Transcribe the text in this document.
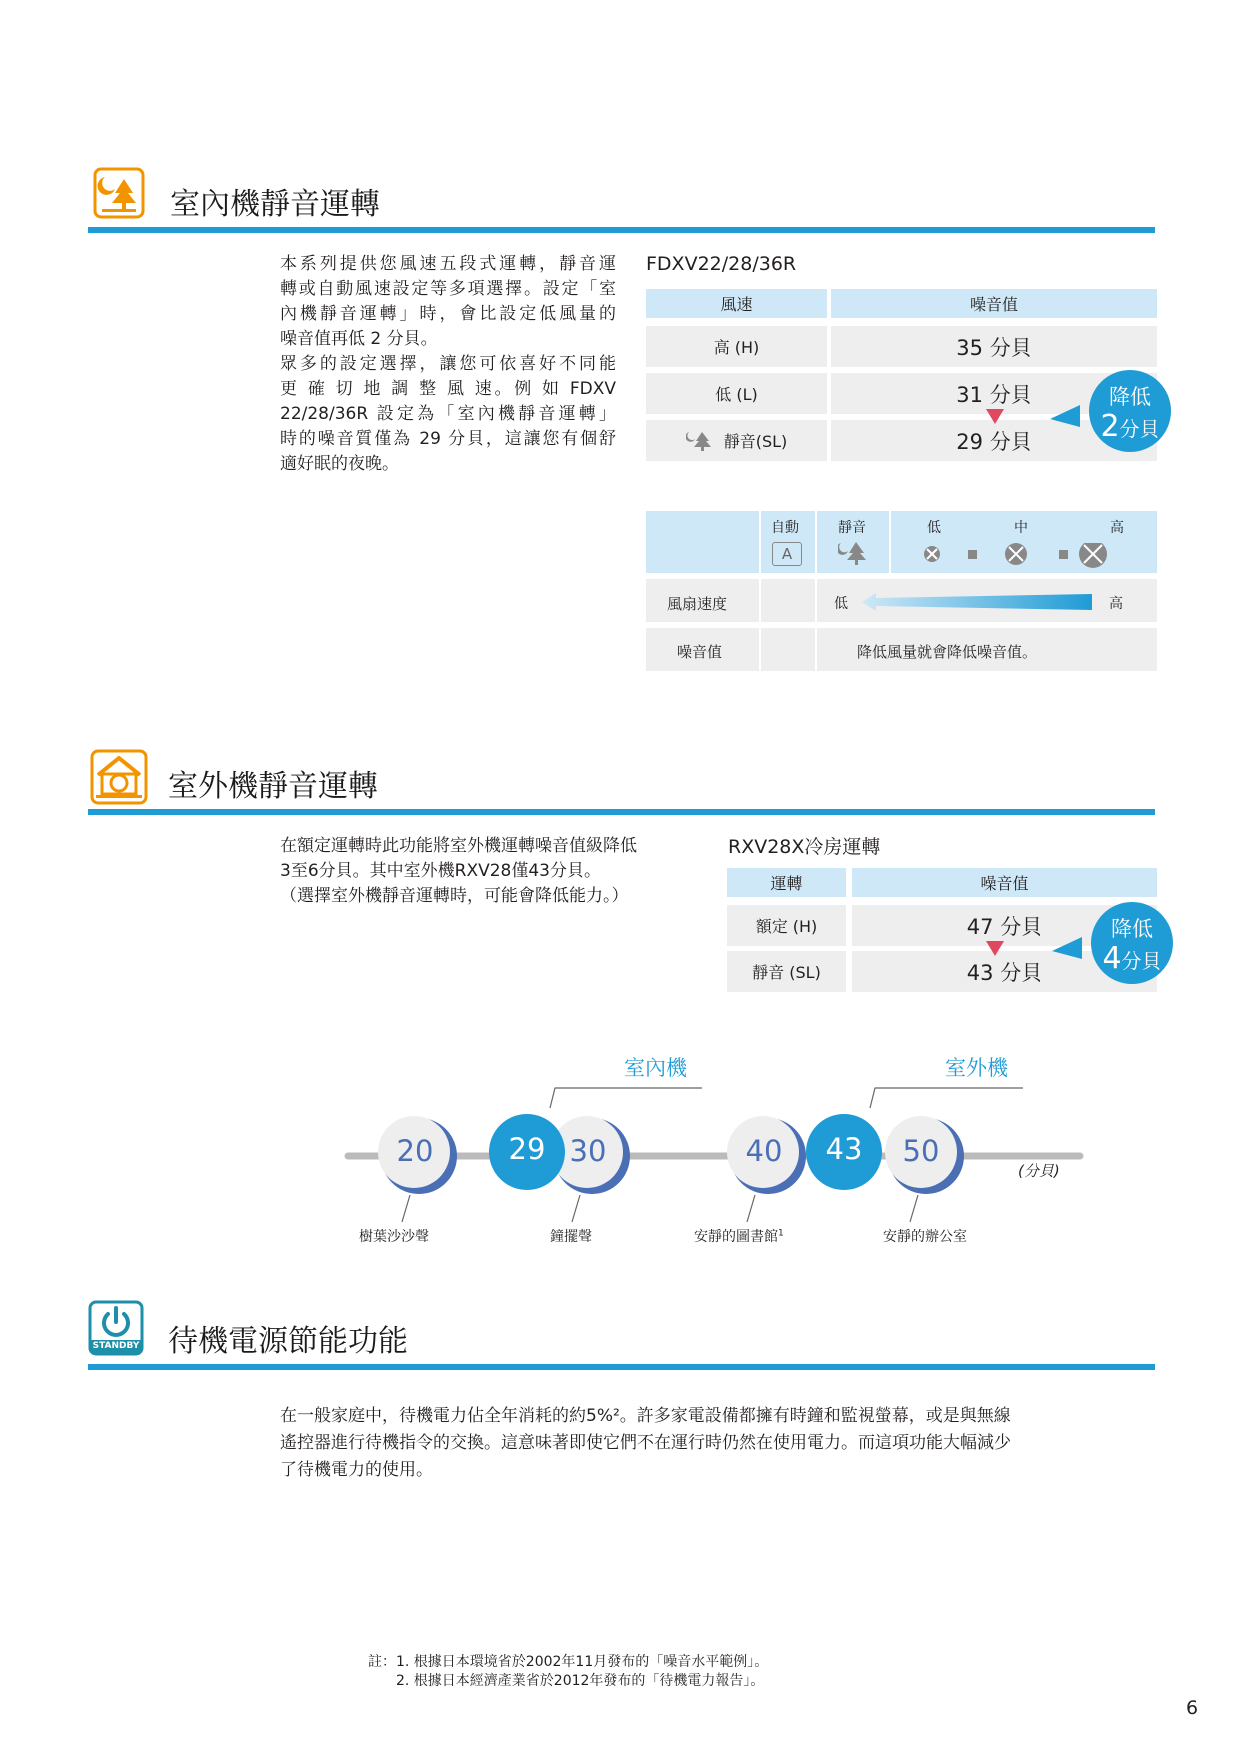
室內機靜音運轉
本系列提供您風速五段式運轉，靜音運
轉或自動風速設定等多項選擇。設定「室
內機靜音運轉」時，會比設定低風量的
噪音值再低 2 分貝。

眾多的設定選擇，讓您可依喜好不同能
更 確 切 地 調 整 風 速。例 如 FDXV
22/28/36R 設定為「室內機靜音運轉」
時的噪音質僅為 29 分貝，這讓您有個舒
適好眠的夜晚。
FDXV22/28/36R
風速	噪音值
高 (H)	35 分貝
低 (L)	31 分貝
靜音(SL)	29 分貝
降低
2分貝
自動	靜音	低	中	高
A
風扇速度	低	高
噪音值	降低風量就會降低噪音值。
室外機靜音運轉
在額定運轉時此功能將室外機運轉噪音值級降低
3至6分貝。其中室外機RXV28僅43分貝。
（選擇室外機靜音運轉時，可能會降低能力。）
RXV28X冷房運轉
運轉	噪音值
額定 (H)	47 分貝
靜音 (SL)	43 分貝
降低
4分貝
室內機	室外機
20	29 30	40	43	50
(分貝)
樹葉沙沙聲	鐘擺聲	安靜的圖書館$^1$	安靜的辦公室
STANDBY 待機電源節能功能
在一般家庭中，待機電力佔全年消耗的約5%²。許多家電設備都擁有時鐘和監視螢幕，或是與無線
遙控器進行待機指令的交換。這意味著即使它們不在運行時仍然在使用電力。而這項功能大幅減少
了待機電力的使用。
註：1. 根據日本環境省於2002年11月發布的「噪音水平範例」。
2. 根據日本經濟產業省於2012年發布的「待機電力報告」。
6
